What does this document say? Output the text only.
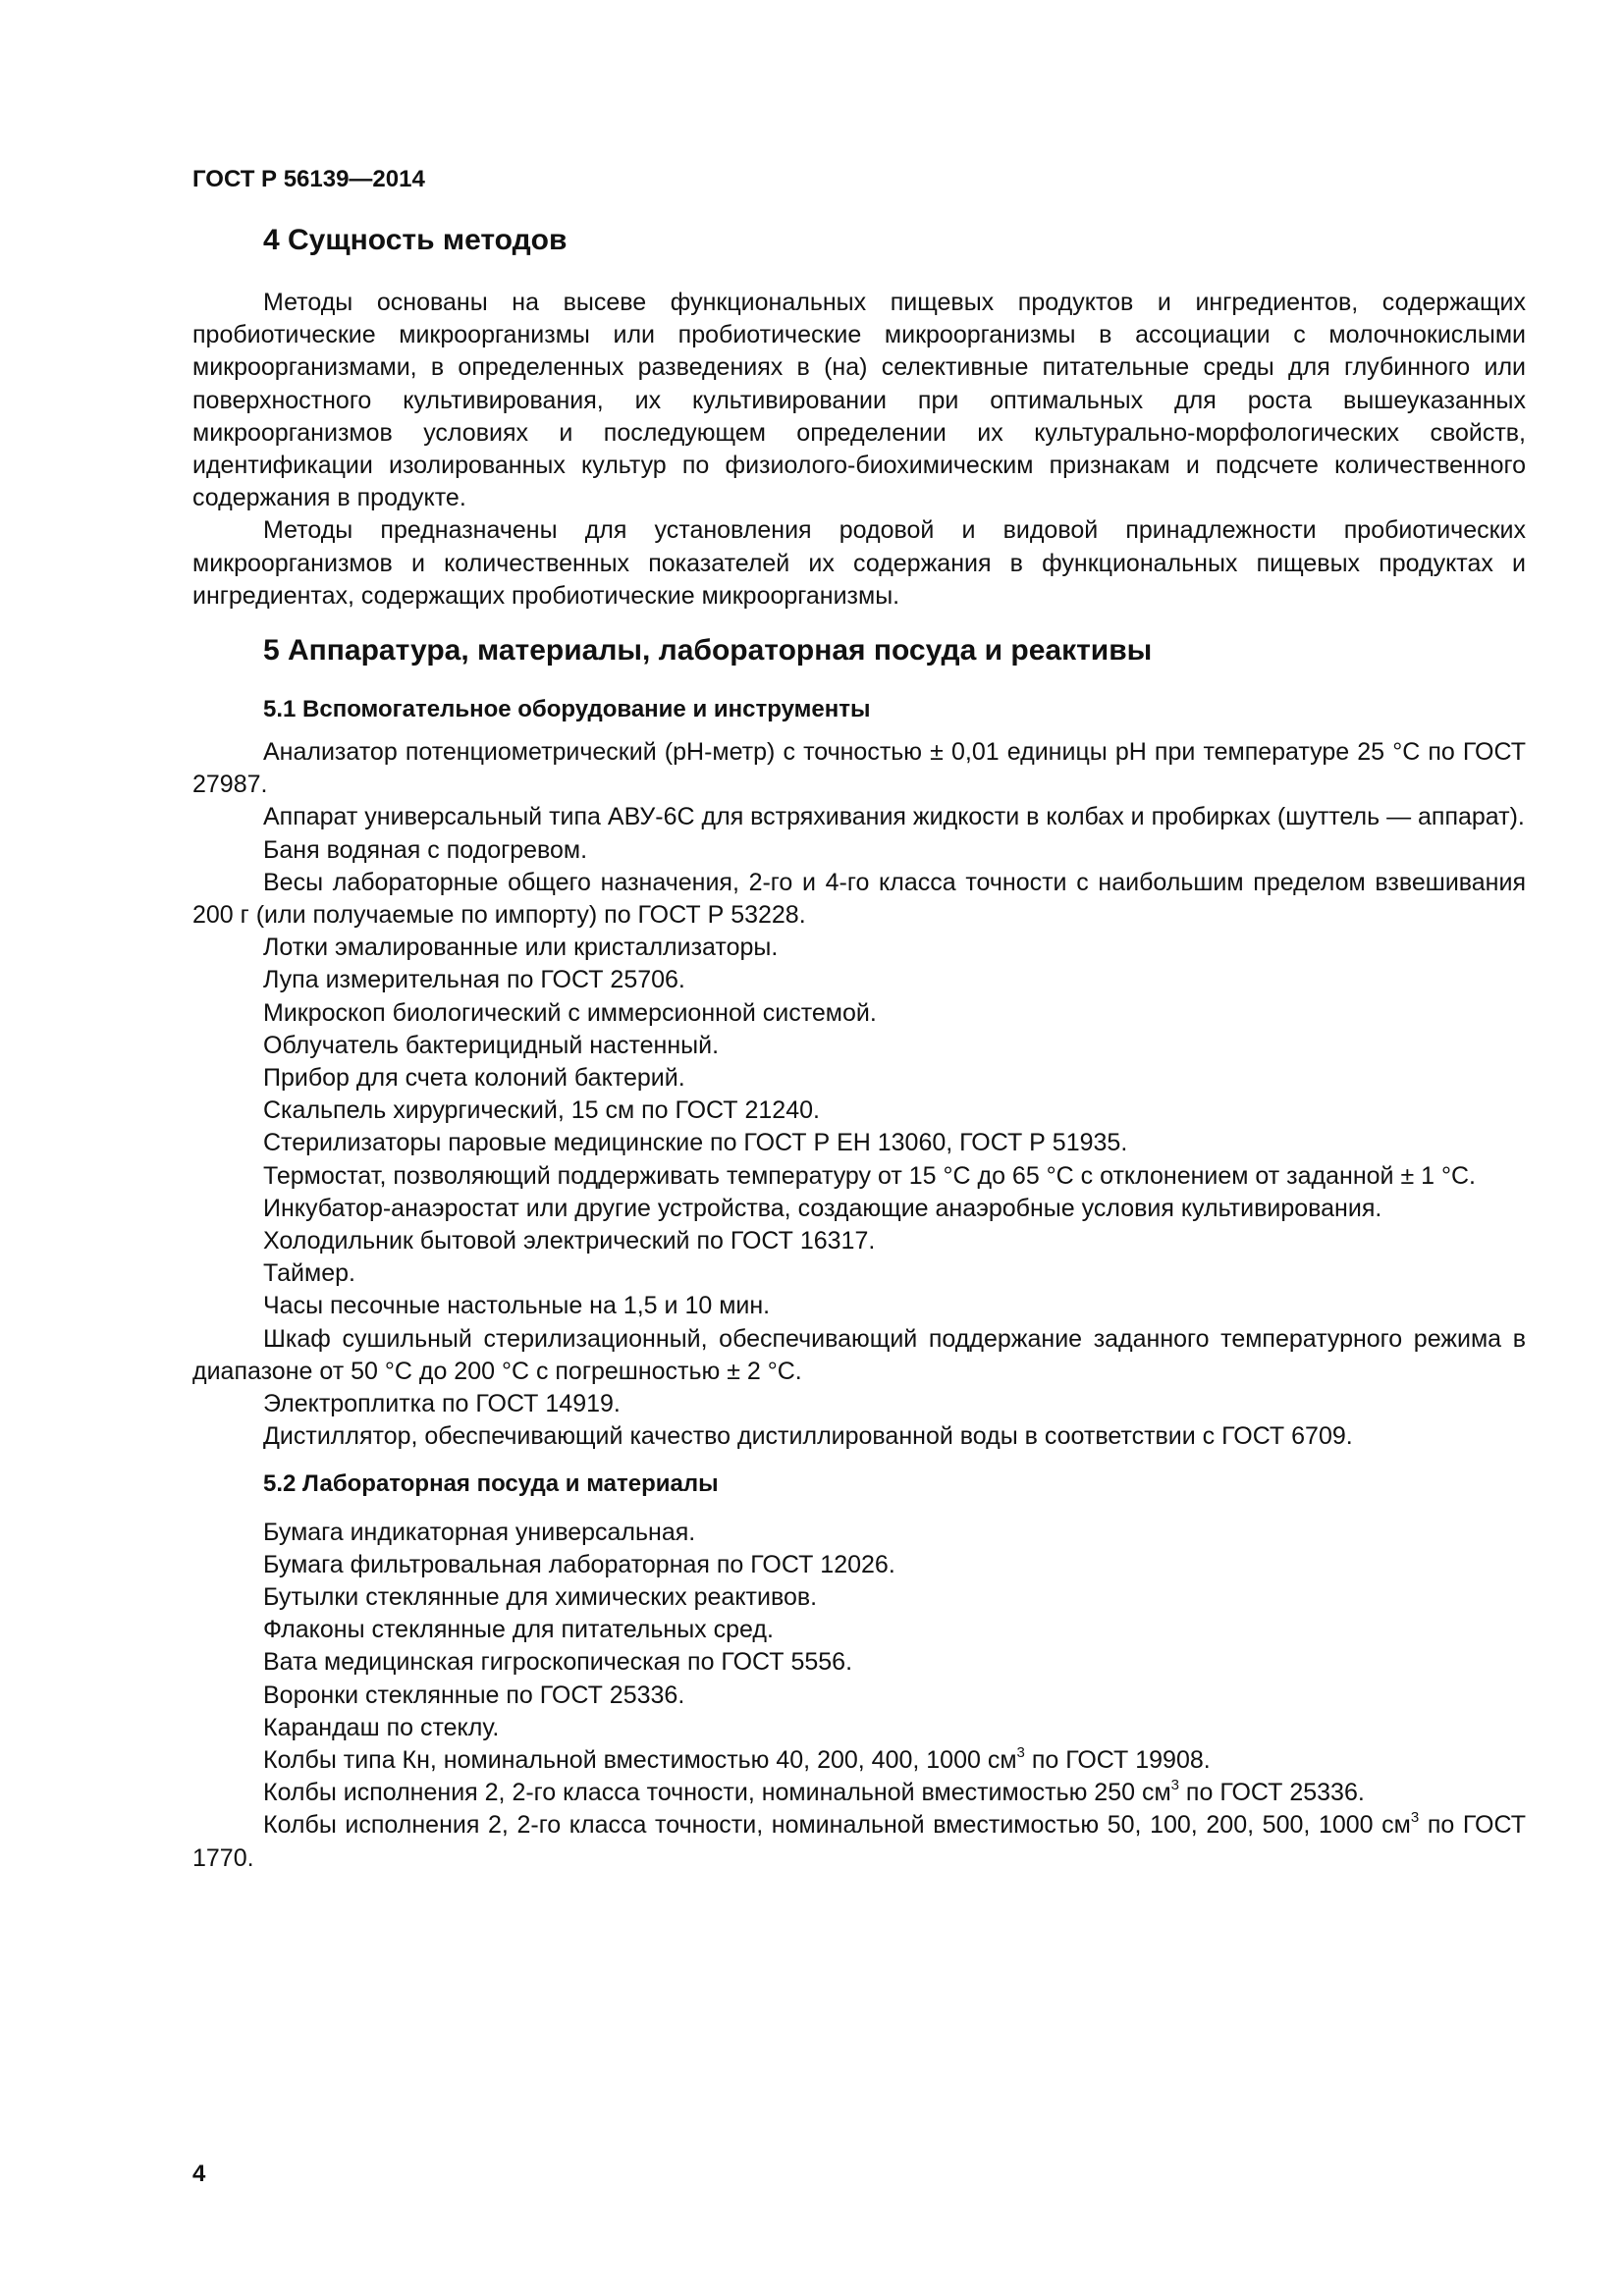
ГОСТ Р 56139—2014
4 Сущность методов

Методы основаны на высеве функциональных пищевых продуктов и ингредиентов, содержащих пробиотические микроорганизмы или пробиотические микроорганизмы в ассоциации с молочнокислыми микроорганизмами, в определенных разведениях в (на) селективные питательные среды для глубинного или поверхностного культивирования, их культивировании при оптимальных для роста вышеуказанных микроорганизмов условиях и последующем определении их культурально-морфологических свойств, идентификации изолированных культур по физиолого-биохимическим признакам и подсчете количественного содержания в продукте.

Методы предназначены для установления родовой и видовой принадлежности пробиотических микроорганизмов и количественных показателей их содержания в функциональных пищевых продуктах и ингредиентах, содержащих пробиотические микроорганизмы.

5 Аппаратура, материалы, лабораторная посуда и реактивы
5.1 Вспомогательное оборудование и инструменты

Анализатор потенциометрический (рН-метр) с точностью ± 0,01 единицы рН при температуре 25 °С по ГОСТ 27987.

Аппарат универсальный типа АВУ-6С для встряхивания жидкости в колбах и пробирках (шуттель — аппарат).

Баня водяная с подогревом.

Весы лабораторные общего назначения, 2-го и 4-го класса точности с наибольшим пределом взвешивания 200 г (или получаемые по импорту) по ГОСТ Р 53228.

Лотки эмалированные или кристаллизаторы.

Лупа измерительная по ГОСТ 25706.

Микроскоп биологический с иммерсионной системой.

Облучатель бактерицидный настенный.

Прибор для счета колоний бактерий.

Скальпель хирургический, 15 см по ГОСТ 21240.

Стерилизаторы паровые медицинские по ГОСТ Р ЕН 13060, ГОСТ Р 51935.

Термостат, позволяющий поддерживать температуру от 15 °С до 65 °С с отклонением от заданной ± 1 °С.

Инкубатор-анаэростат или другие устройства, создающие анаэробные условия культивирования.

Холодильник бытовой электрический по ГОСТ 16317.

Таймер.

Часы песочные настольные на 1,5 и 10 мин.

Шкаф сушильный стерилизационный, обеспечивающий поддержание заданного температурного режима в диапазоне от 50 °С до 200 °С с погрешностью ± 2 °С.

Электроплитка по ГОСТ 14919.

Дистиллятор, обеспечивающий качество дистиллированной воды в соответствии с ГОСТ 6709.

5.2 Лабораторная посуда и материалы

Бумага индикаторная универсальная.

Бумага фильтровальная лабораторная по ГОСТ 12026.

Бутылки стеклянные для химических реактивов.

Флаконы стеклянные для питательных сред.

Вата медицинская гигроскопическая по ГОСТ 5556.

Воронки стеклянные по ГОСТ 25336.

Карандаш по стеклу.

Колбы типа Кн, номинальной вместимостью 40, 200, 400, 1000 $см^3$ по ГОСТ 19908.

Колбы исполнения 2, 2-го класса точности, номинальной вместимостью 250 $см^3$ по ГОСТ 25336.

Колбы исполнения 2, 2-го класса точности, номинальной вместимостью 50, 100, 200, 500, 1000 $см^3$ по ГОСТ 1770.

4
